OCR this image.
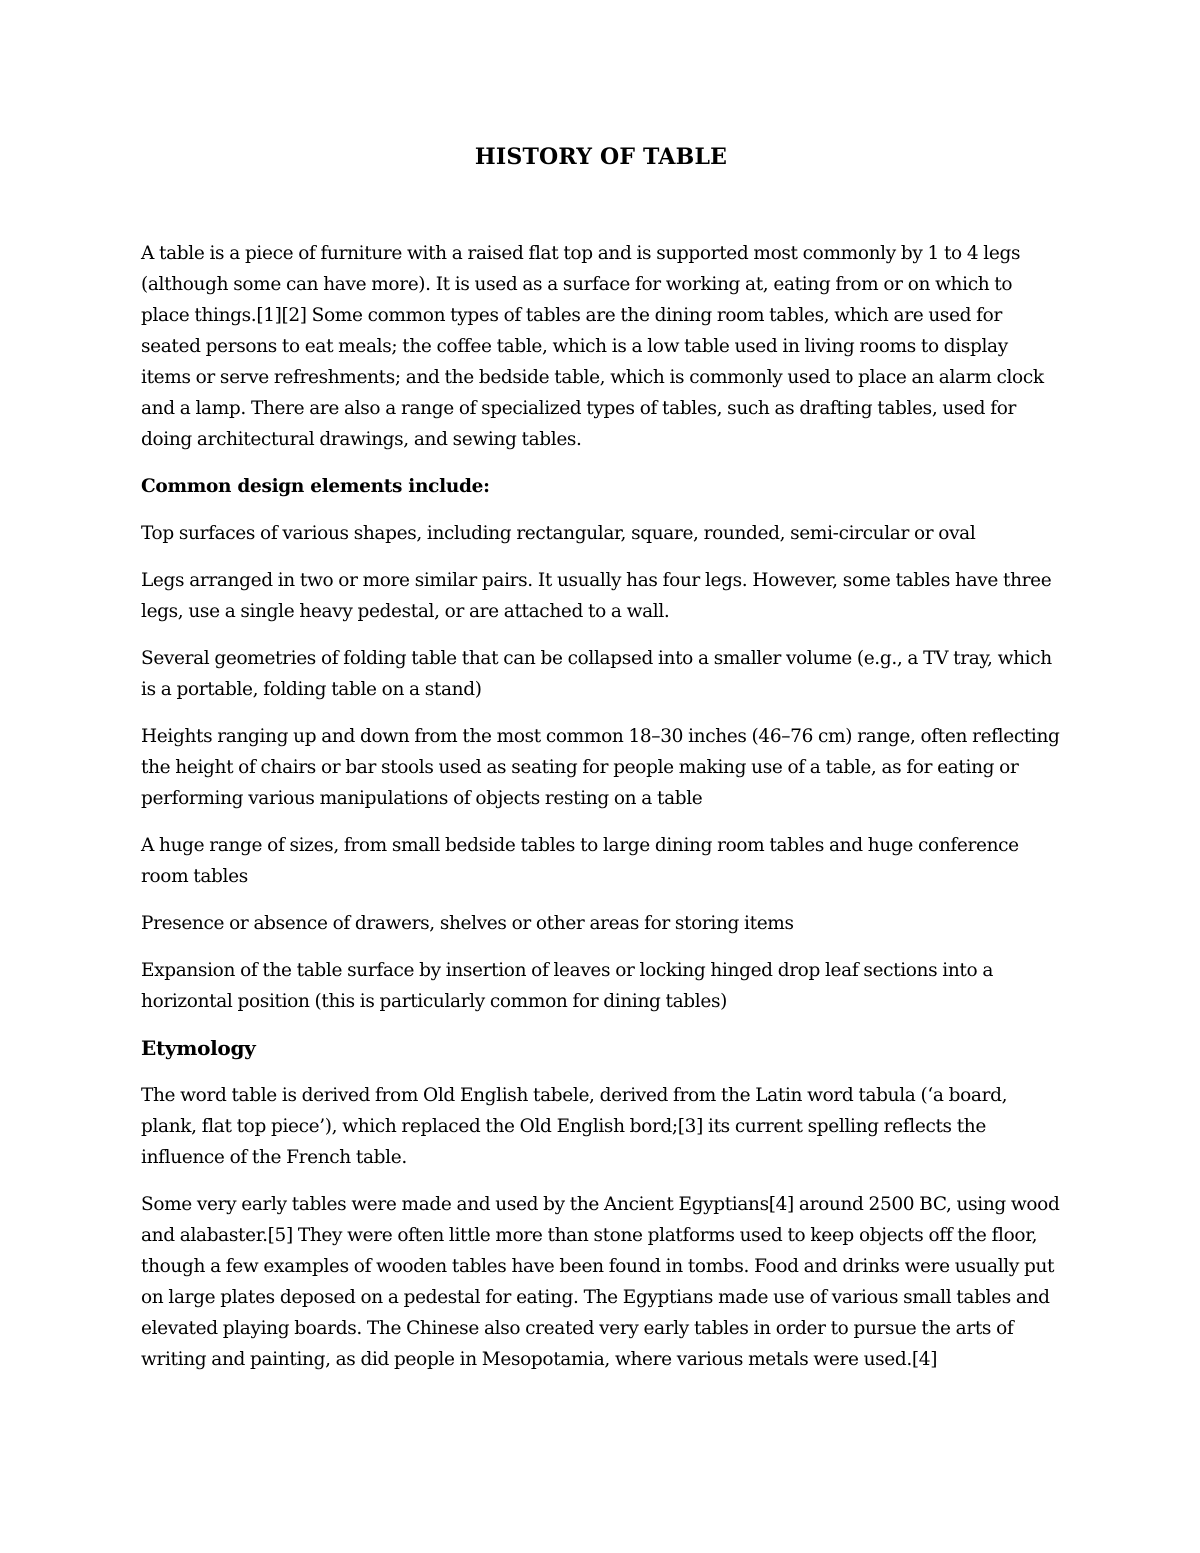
HISTORY OF TABLE

A table is a piece of furniture with a raised flat top and is supported most commonly by 1 to 4 legs (although some can have more). It is used as a surface for working at, eating from or on which to place things.[1][2] Some common types of tables are the dining room tables, which are used for seated persons to eat meals; the coffee table, which is a low table used in living rooms to display items or serve refreshments; and the bedside table, which is commonly used to place an alarm clock and a lamp. There are also a range of specialized types of tables, such as drafting tables, used for doing architectural drawings, and sewing tables.

Common design elements include:

Top surfaces of various shapes, including rectangular, square, rounded, semi-circular or oval

Legs arranged in two or more similar pairs. It usually has four legs. However, some tables have three legs, use a single heavy pedestal, or are attached to a wall.

Several geometries of folding table that can be collapsed into a smaller volume (e.g., a TV tray, which is a portable, folding table on a stand)

Heights ranging up and down from the most common 18–30 inches (46–76 cm) range, often reflecting the height of chairs or bar stools used as seating for people making use of a table, as for eating or performing various manipulations of objects resting on a table

A huge range of sizes, from small bedside tables to large dining room tables and huge conference room tables

Presence or absence of drawers, shelves or other areas for storing items

Expansion of the table surface by insertion of leaves or locking hinged drop leaf sections into a horizontal position (this is particularly common for dining tables)

Etymology

The word table is derived from Old English tabele, derived from the Latin word tabula (‘a board, plank, flat top piece’), which replaced the Old English bord;[3] its current spelling reflects the influence of the French table.

Some very early tables were made and used by the Ancient Egyptians[4] around 2500 BC, using wood and alabaster.[5] They were often little more than stone platforms used to keep objects off the floor, though a few examples of wooden tables have been found in tombs. Food and drinks were usually put on large plates deposed on a pedestal for eating. The Egyptians made use of various small tables and elevated playing boards. The Chinese also created very early tables in order to pursue the arts of writing and painting, as did people in Mesopotamia, where various metals were used.[4]
